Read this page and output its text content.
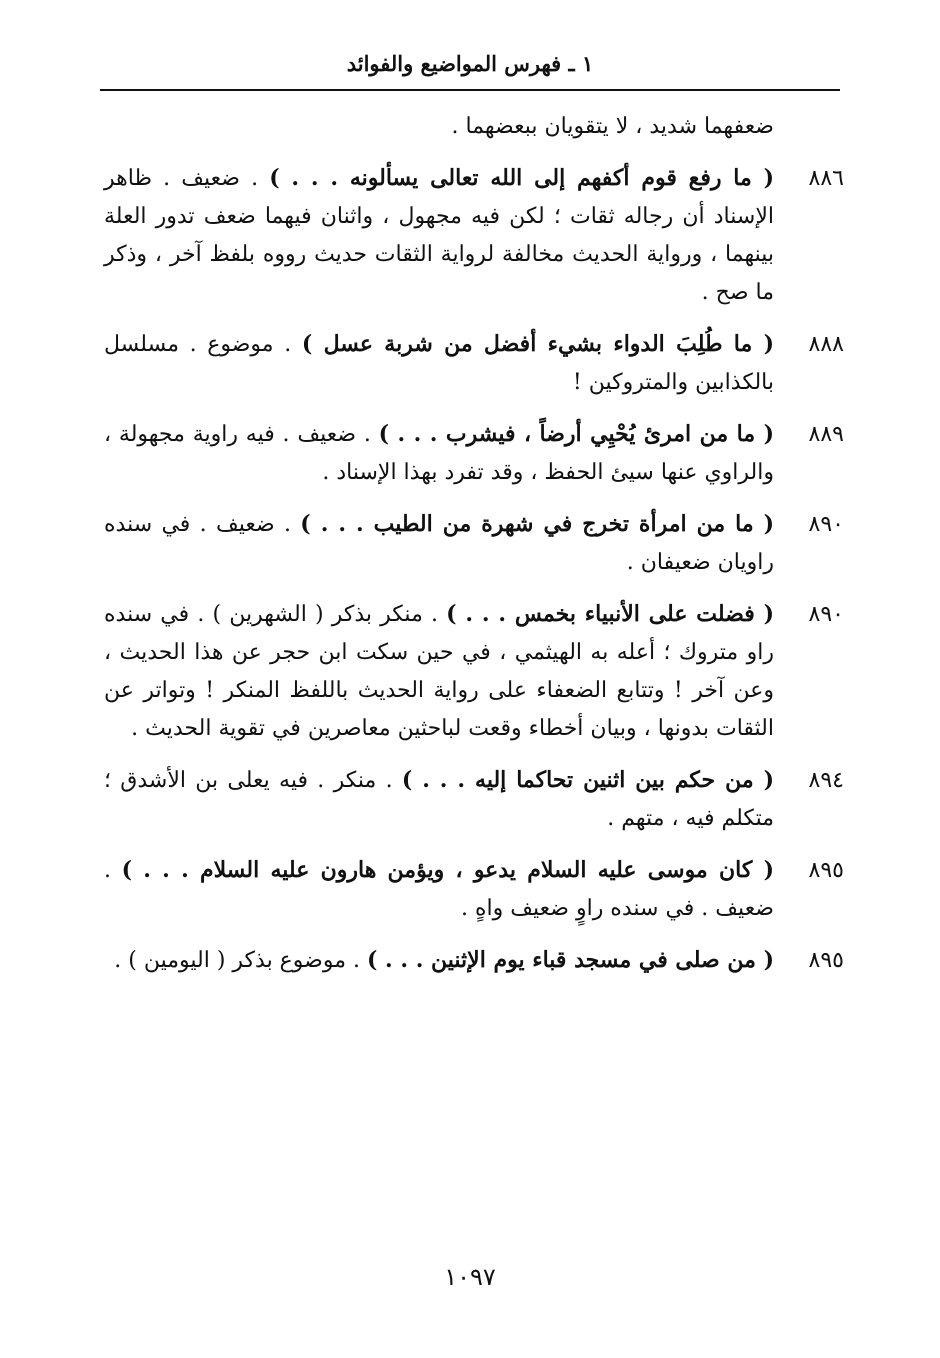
١ ـ فهرس المواضيع والفوائد
ضعفهما شديد ، لا يتقويان ببعضهما .
٨٨٦
( ما رفع قوم أكفهم إلى الله تعالى يسألونه . . . ) . ضعيف . ظاهر الإسناد أن رجاله ثقات ؛ لكن فيه مجهول ، واثنان فيهما ضعف تدور العلة بينهما ، ورواية الحديث مخالفة لرواية الثقات حديث رووه بلفظ آخر ، وذكر ما صح .
٨٨٨
( ما طُلِبَ الدواء بشيء أفضل من شربة عسل ) . موضوع . مسلسل بالكذابين والمتروكين !
٨٨٩
( ما من امرئ يُحْيِي أرضاً ، فيشرب . . . ) . ضعيف . فيه راوية مجهولة ، والراوي عنها سيئ الحفظ ، وقد تفرد بهذا الإسناد .
٨٩٠
( ما من امرأة تخرج في شهرة من الطيب . . . ) . ضعيف . في سنده راويان ضعيفان .
٨٩٠
( فضلت على الأنبياء بخمس . . . ) . منكر بذكر ( الشهرين ) . في سنده راو متروك ؛ أعله به الهيثمي ، في حين سكت ابن حجر عن هذا الحديث ، وعن آخر ! وتتابع الضعفاء على رواية الحديث باللفظ المنكر ! وتواتر عن الثقات بدونها ، وبيان أخطاء وقعت لباحثين معاصرين في تقوية الحديث .
٨٩٤
( من حكم بين اثنين تحاكما إليه . . . ) . منكر . فيه يعلى بن الأشدق ؛ متكلم فيه ، متهم .
٨٩٥
( كان موسى عليه السلام يدعو ، ويؤمن هارون عليه السلام . . . ) . ضعيف . في سنده راوٍ ضعيف واهٍ .
٨٩٥
( من صلى في مسجد قباء يوم الإثنين . . . ) . موضوع بذكر ( اليومين ) .
١٠٩٧
